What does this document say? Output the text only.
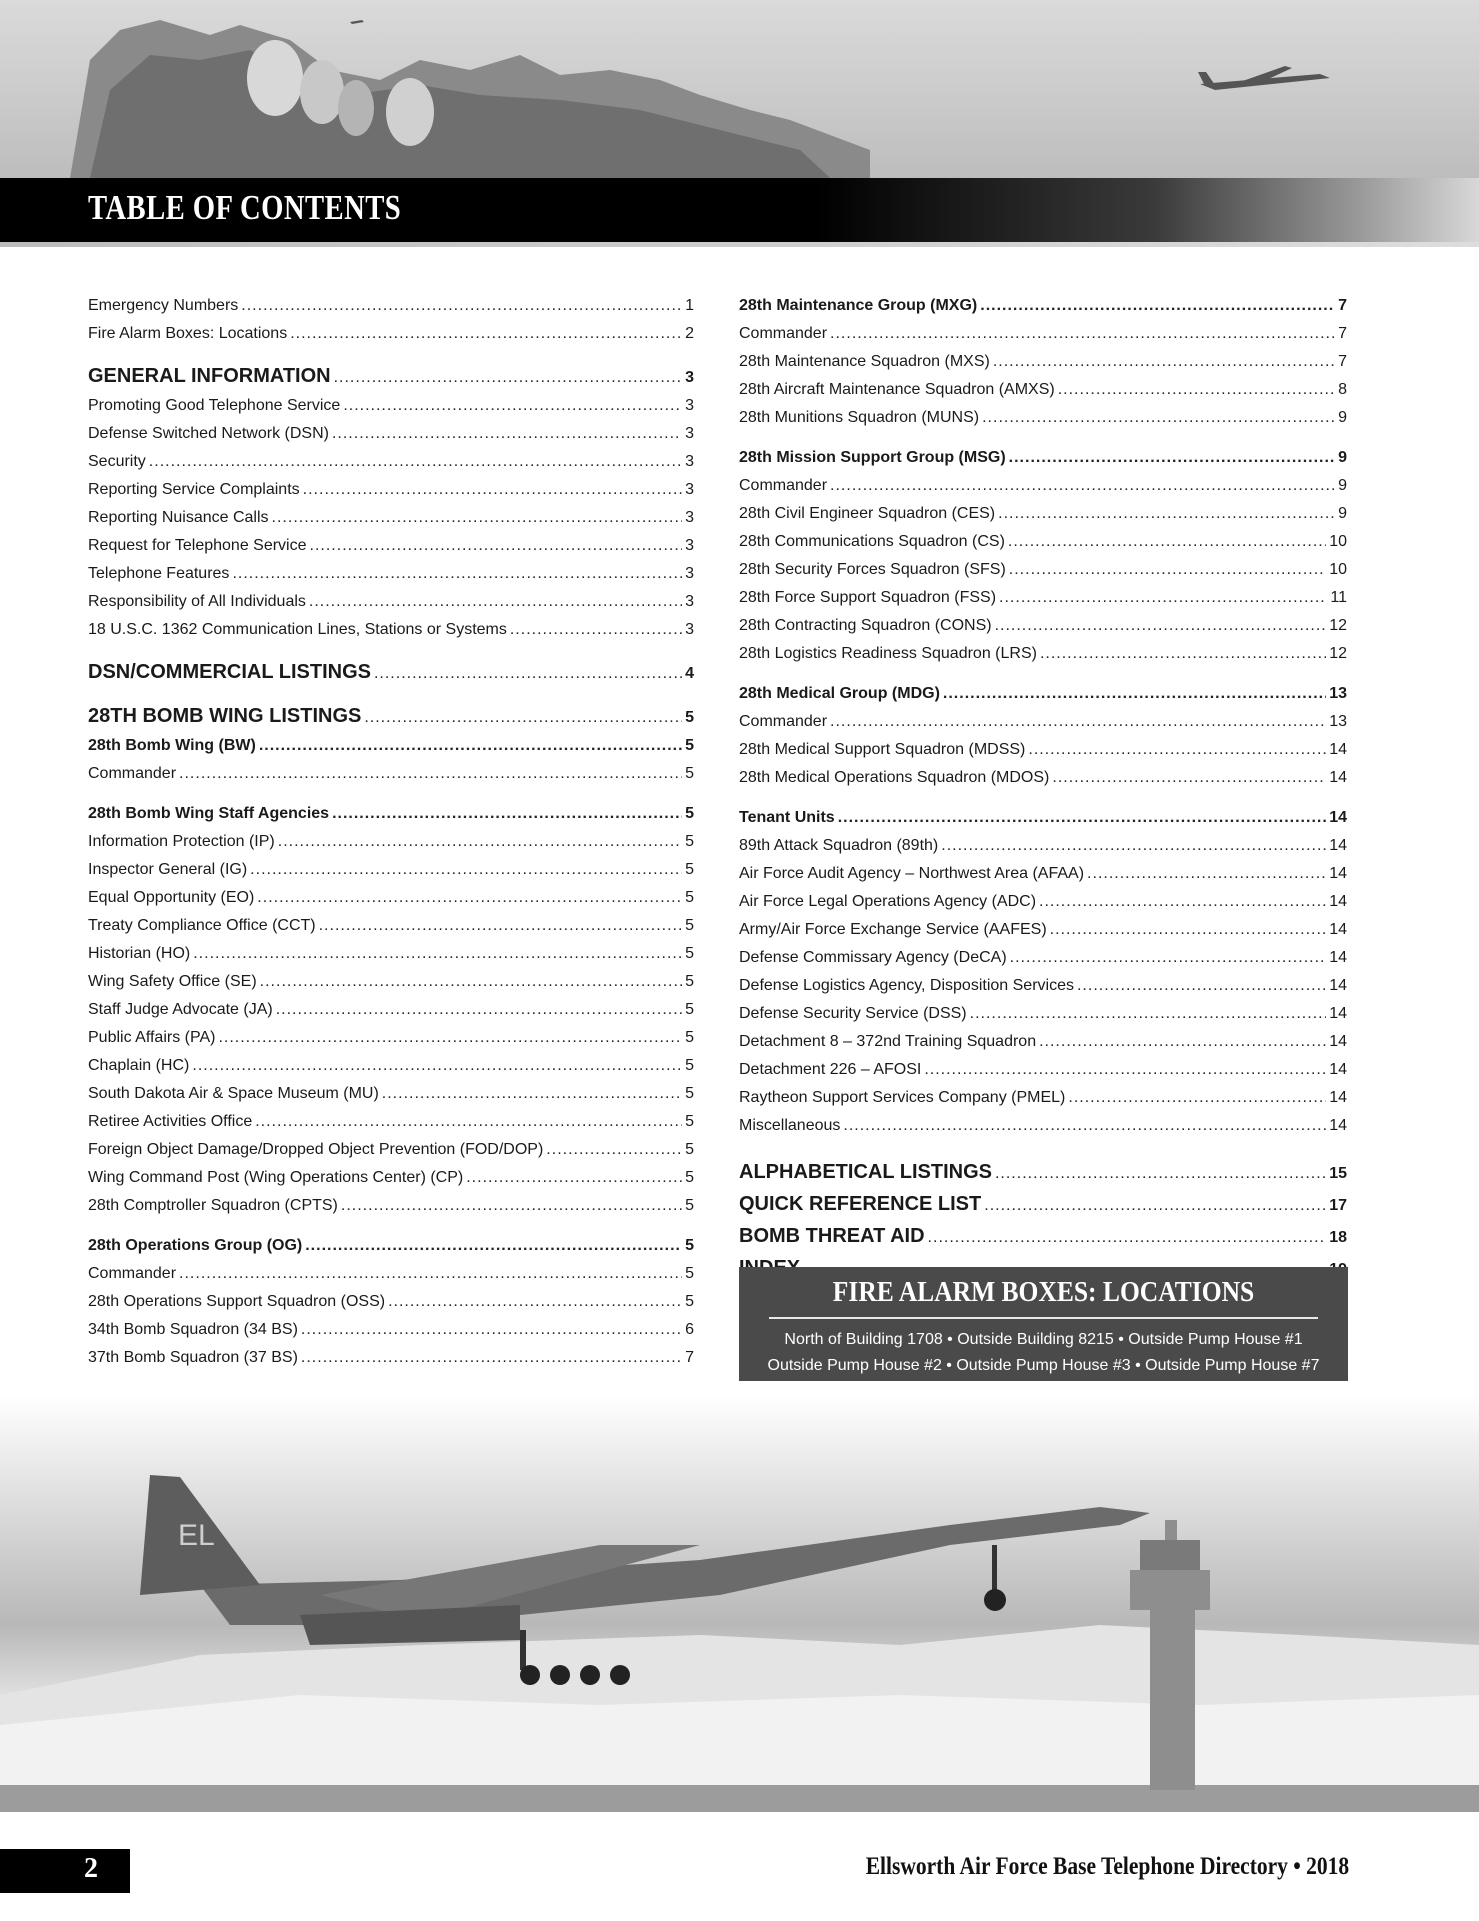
TABLE OF CONTENTS
Emergency Numbers .....	1
Fire Alarm Boxes: Locations .....	2
GENERAL INFORMATION .....	3
Promoting Good Telephone Service .....	3
Defense Switched Network (DSN) .....	3
Security .....	3
Reporting Service Complaints .....	3
Reporting Nuisance Calls .....	3
Request for Telephone Service .....	3
Telephone Features .....	3
Responsibility of All Individuals .....	3
18 U.S.C. 1362 Communication Lines, Stations or Systems .....	3
DSN/COMMERCIAL LISTINGS .....	4
28TH BOMB WING LISTINGS .....	5
28th Bomb Wing (BW) .....	5
Commander .....	5
28th Bomb Wing Staff Agencies .....	5
Information Protection (IP) .....	5
Inspector General (IG) .....	5
Equal Opportunity (EO) .....	5
Treaty Compliance Office (CCT) .....	5
Historian (HO) .....	5
Wing Safety Office (SE) .....	5
Staff Judge Advocate (JA) .....	5
Public Affairs (PA) .....	5
Chaplain (HC) .....	5
South Dakota Air & Space Museum (MU) .....	5
Retiree Activities Office .....	5
Foreign Object Damage/Dropped Object Prevention (FOD/DOP) .....	5
Wing Command Post (Wing Operations Center) (CP) .....	5
28th Comptroller Squadron (CPTS) .....	5
28th Operations Group (OG) .....	5
Commander .....	5
28th Operations Support Squadron (OSS) .....	5
34th Bomb Squadron (34 BS) .....	6
37th Bomb Squadron (37 BS) .....	7
28th Maintenance Group (MXG) .....	7
Commander .....	7
28th Maintenance Squadron (MXS) .....	7
28th Aircraft Maintenance Squadron (AMXS) .....	8
28th Munitions Squadron (MUNS) .....	9
28th Mission Support Group (MSG) .....	9
Commander .....	9
28th Civil Engineer Squadron (CES) .....	9
28th Communications Squadron (CS) .....	10
28th Security Forces Squadron (SFS) .....	10
28th Force Support Squadron (FSS) .....	11
28th Contracting Squadron (CONS) .....	12
28th Logistics Readiness Squadron (LRS) .....	12
28th Medical Group (MDG) .....	13
Commander .....	13
28th Medical Support Squadron (MDSS) .....	14
28th Medical Operations Squadron (MDOS) .....	14
Tenant Units .....	14
89th Attack Squadron (89th) .....	14
Air Force Audit Agency – Northwest Area (AFAA) .....	14
Air Force Legal Operations Agency (ADC) .....	14
Army/Air Force Exchange Service (AAFES) .....	14
Defense Commissary Agency (DeCA) .....	14
Defense Logistics Agency, Disposition Services .....	14
Defense Security Service (DSS) .....	14
Detachment 8 – 372nd Training Squadron .....	14
Detachment 226 – AFOSI .....	14
Raytheon Support Services Company (PMEL) .....	14
Miscellaneous .....	14
ALPHABETICAL LISTINGS .....	15
QUICK REFERENCE LIST .....	17
BOMB THREAT AID .....	18
.....
FIRE ALARM BOXES: LOCATIONS
North of Building 1708 • Outside Building 8215 • Outside Pump House #1
Outside Pump House #2 • Outside Pump House #3 • Outside Pump House #7
EL
2	Ellsworth Air Force Base Telephone Directory • 2018
